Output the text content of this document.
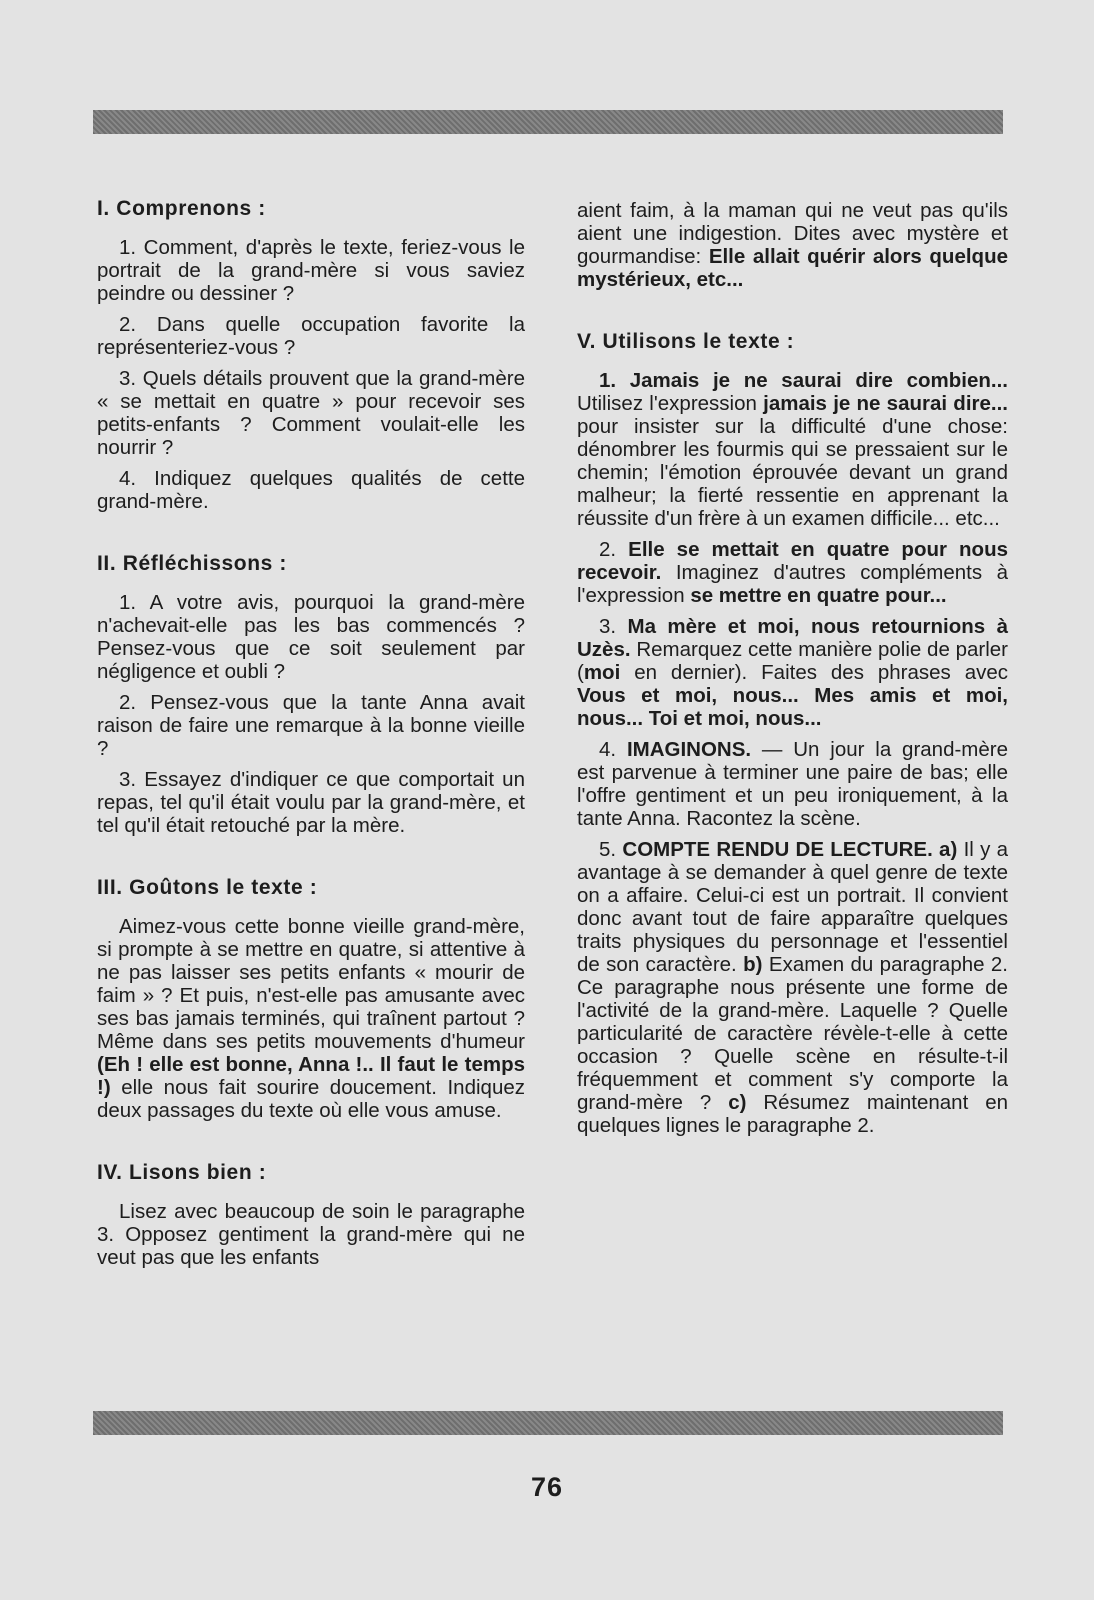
I. Comprenons :

1. Comment, d'après le texte, feriez-vous le portrait de la grand-mère si vous saviez peindre ou dessiner ?

2. Dans quelle occupation favorite la représenteriez-vous ?

3. Quels détails prouvent que la grand-mère « se mettait en quatre » pour recevoir ses petits-enfants ? Comment voulait-elle les nourrir ?

4. Indiquez quelques qualités de cette grand-mère.

II. Réfléchissons :

1. A votre avis, pourquoi la grand-mère n'achevait-elle pas les bas commencés ? Pensez-vous que ce soit seulement par négligence et oubli ?

2. Pensez-vous que la tante Anna avait raison de faire une remarque à la bonne vieille ?

3. Essayez d'indiquer ce que comportait un repas, tel qu'il était voulu par la grand-mère, et tel qu'il était retouché par la mère.

III. Goûtons le texte :

Aimez-vous cette bonne vieille grand-mère, si prompte à se mettre en quatre, si attentive à ne pas laisser ses petits enfants « mourir de faim » ? Et puis, n'est-elle pas amusante avec ses bas jamais terminés, qui traînent partout ? Même dans ses petits mouvements d'humeur (Eh ! elle est bonne, Anna !.. Il faut le temps !) elle nous fait sourire doucement. Indiquez deux passages du texte où elle vous amuse.

IV. Lisons bien :

Lisez avec beaucoup de soin le paragraphe 3. Opposez gentiment la grand-mère qui ne veut pas que les enfants

aient faim, à la maman qui ne veut pas qu'ils aient une indigestion. Dites avec mystère et gourmandise: Elle allait quérir alors quelque mystérieux, etc...

V. Utilisons le texte :

1. Jamais je ne saurai dire combien... Utilisez l'expression jamais je ne saurai dire... pour insister sur la difficulté d'une chose: dénombrer les fourmis qui se pressaient sur le chemin; l'émotion éprouvée devant un grand malheur; la fierté ressentie en apprenant la réussite d'un frère à un examen difficile... etc...

2. Elle se mettait en quatre pour nous recevoir. Imaginez d'autres compléments à l'expression se mettre en quatre pour...

3. Ma mère et moi, nous retournions à Uzès. Remarquez cette manière polie de parler (moi en dernier). Faites des phrases avec Vous et moi, nous... Mes amis et moi, nous... Toi et moi, nous...

4. IMAGINONS. — Un jour la grand-mère est parvenue à terminer une paire de bas; elle l'offre gentiment et un peu ironiquement, à la tante Anna. Racontez la scène.

5. COMPTE RENDU DE LECTURE. a) Il y a avantage à se demander à quel genre de texte on a affaire. Celui-ci est un portrait. Il convient donc avant tout de faire apparaître quelques traits physiques du personnage et l'essentiel de son caractère. b) Examen du paragraphe 2. Ce paragraphe nous présente une forme de l'activité de la grand-mère. Laquelle ? Quelle particularité de caractère révèle-t-elle à cette occasion ? Quelle scène en résulte-t-il fréquemment et comment s'y comporte la grand-mère ? c) Résumez maintenant en quelques lignes le paragraphe 2.

76
